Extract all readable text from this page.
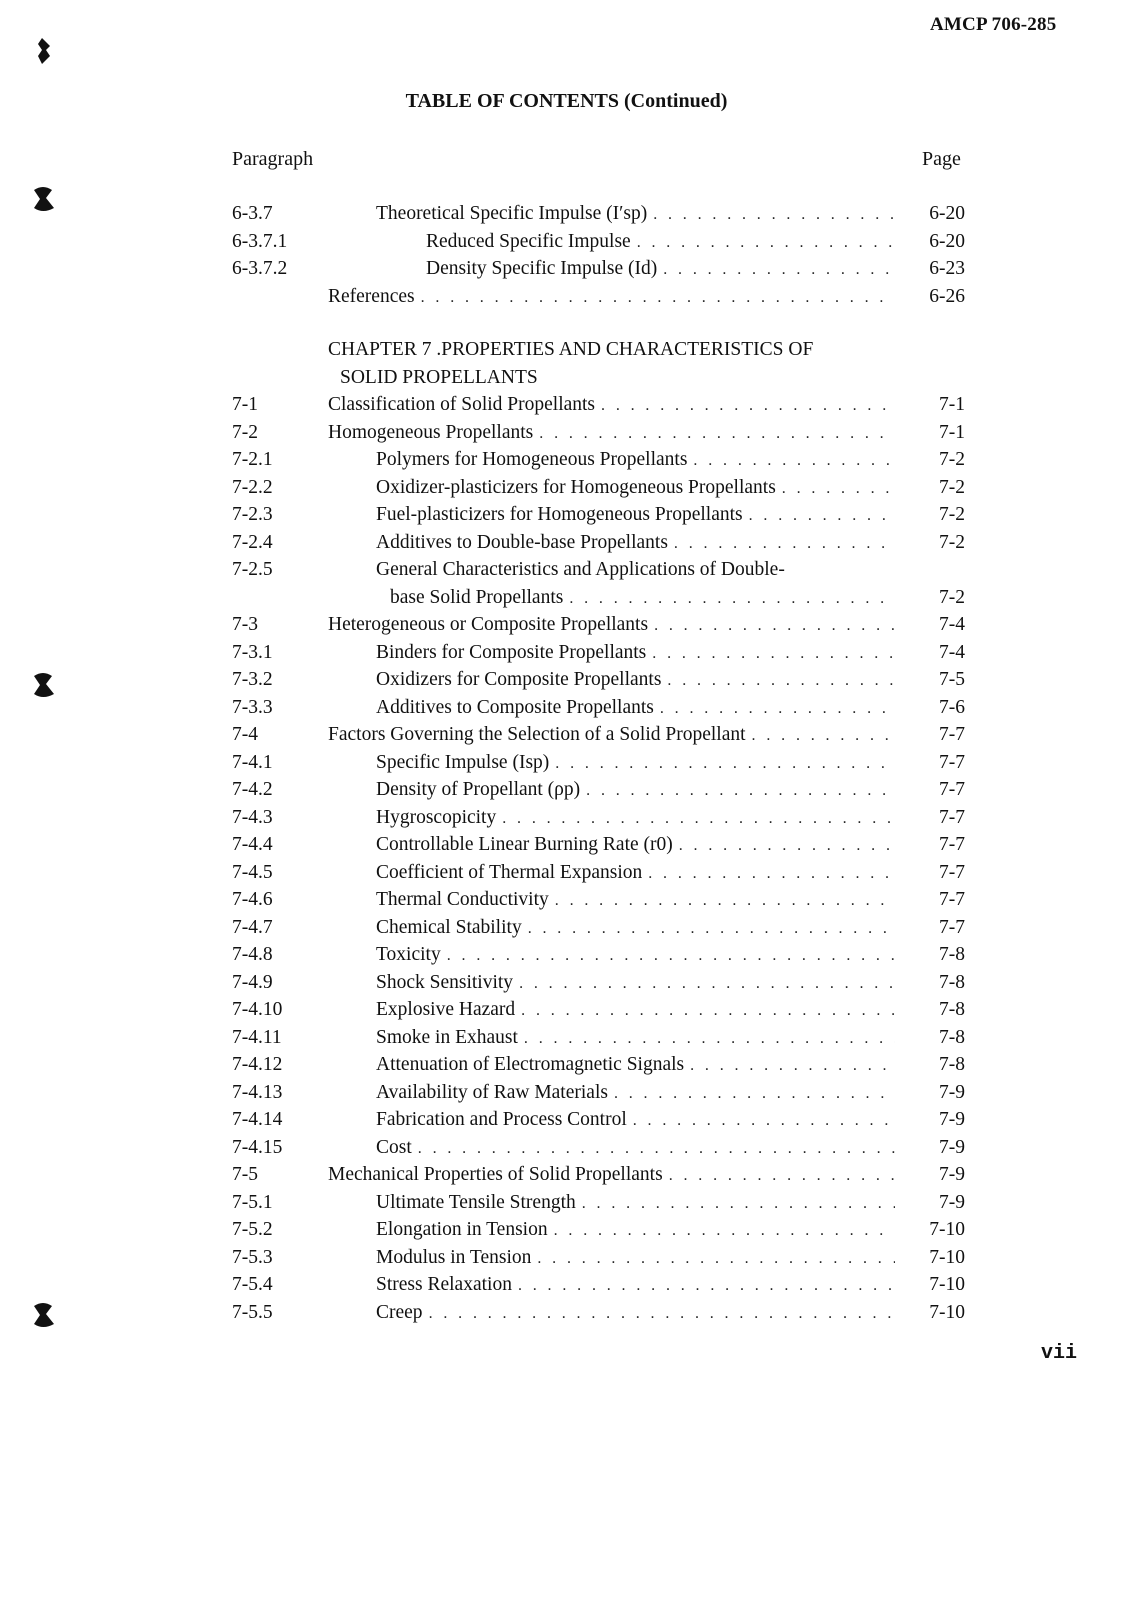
AMCP 706-285
TABLE OF CONTENTS (Continued)
Paragraph	Page
6-3.7	Theoretical Specific Impulse (I′sp) . . .	6-20
6-3.7.1	Reduced Specific Impulse . . .	6-20
6-3.7.2	Density Specific Impulse (Id) . . .	6-23
References . . .	6-26
CHAPTER 7 .PROPERTIES AND CHARACTERISTICS OF
SOLID PROPELLANTS
7-1	Classification of Solid Propellants . . .	7-1
7-2	Homogeneous Propellants . . .	7-1
7-2.1	Polymers for Homogeneous Propellants . . .	7-2
7-2.2	Oxidizer-plasticizers for Homogeneous Propellants . . .	7-2
7-2.3	Fuel-plasticizers for Homogeneous Propellants . . .	7-2
7-2.4	Additives to Double-base Propellants . . .	7-2
7-2.5	General Characteristics and Applications of Double-
base Solid Propellants . . .	7-2
7-3	Heterogeneous or Composite Propellants . . .	7-4
7-3.1	Binders for Composite Propellants . . .	7-4
7-3.2	Oxidizers for Composite Propellants . . .	7-5
7-3.3	Additives to Composite Propellants . . .	7-6
7-4	Factors Governing the Selection of a Solid Propellant . . .	7-7
7-4.1	Specific Impulse (Isp) . . .	7-7
7-4.2	Density of Propellant (ρp) . . .	7-7
7-4.3	Hygroscopicity . . .	7-7
7-4.4	Controllable Linear Burning Rate (r0) . . .	7-7
7-4.5	Coefficient of Thermal Expansion . . .	7-7
7-4.6	Thermal Conductivity . . .	7-7
7-4.7	Chemical Stability . . .	7-7
7-4.8	Toxicity . . .	7-8
7-4.9	Shock Sensitivity . . .	7-8
7-4.10	Explosive Hazard . . .	7-8
7-4.11	Smoke in Exhaust . . .	7-8
7-4.12	Attenuation of Electromagnetic Signals . . .	7-8
7-4.13	Availability of Raw Materials . . .	7-9
7-4.14	Fabrication and Process Control . . .	7-9
7-4.15	Cost . . .	7-9
7-5	Mechanical Properties of Solid Propellants . . .	7-9
7-5.1	Ultimate Tensile Strength . . .	7-9
7-5.2	Elongation in Tension . . .	7-10
7-5.3	Modulus in Tension . . .	7-10
7-5.4	Stress Relaxation . . .	7-10
7-5.5	Creep . . .	7-10
vii
